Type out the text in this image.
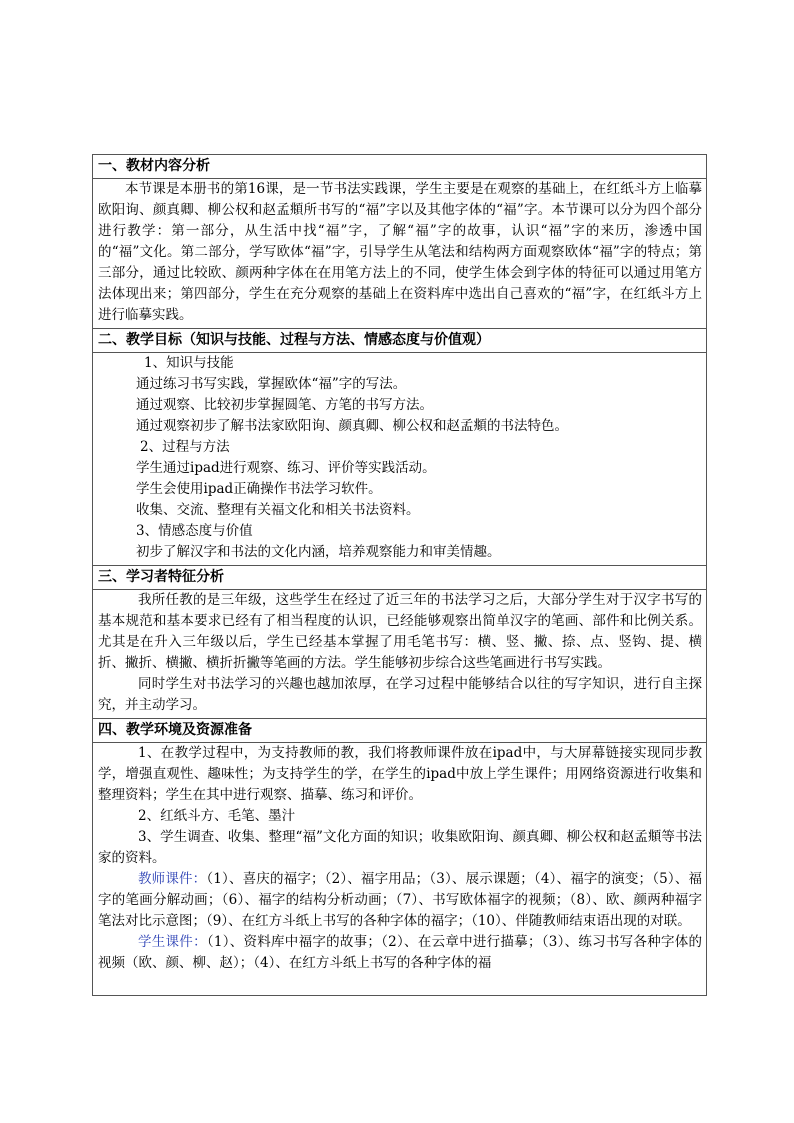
一、教材内容分析

本节课是本册书的第16课，是一节书法实践课，学生主要是在观察的基础上，在红纸斗方上临摹欧阳询、颜真卿、柳公权和赵孟頫所书写的“福”字以及其他字体的“福”字。本节课可以分为四个部分进行教学：第一部分，从生活中找“福”字，了解“福”字的故事，认识“福”字的来历，渗透中国的“福”文化。第二部分，学写欧体“福”字，引导学生从笔法和结构两方面观察欧体“福”字的特点；第三部分，通过比较欧、颜两种字体在在用笔方法上的不同，使学生体会到字体的特征可以通过用笔方法体现出来；第四部分，学生在充分观察的基础上在资料库中选出自己喜欢的“福”字，在红纸斗方上进行临摹实践。

二、教学目标（知识与技能、过程与方法、情感态度与价值观）

1、知识与技能

通过练习书写实践，掌握欧体“福”字的写法。

通过观察、比较初步掌握圆笔、方笔的书写方法。

通过观察初步了解书法家欧阳询、颜真卿、柳公权和赵孟頫的书法特色。

2、过程与方法

学生通过ipad进行观察、练习、评价等实践活动。

学生会使用ipad正确操作书法学习软件。

收集、交流、整理有关福文化和相关书法资料。

3、情感态度与价值

初步了解汉字和书法的文化内涵，培养观察能力和审美情趣。

三、学习者特征分析

我所任教的是三年级，这些学生在经过了近三年的书法学习之后，大部分学生对于汉字书写的基本规范和基本要求已经有了相当程度的认识，已经能够观察出简单汉字的笔画、部件和比例关系。尤其是在升入三年级以后，学生已经基本掌握了用毛笔书写：横、竖、撇、捺、点、竖钩、提、横折、撇折、横撇、横折折撇等笔画的方法。学生能够初步综合这些笔画进行书写实践。

同时学生对书法学习的兴趣也越加浓厚，在学习过程中能够结合以往的写字知识，进行自主探究，并主动学习。

四、教学环境及资源准备

1、在教学过程中，为支持教师的教，我们将教师课件放在ipad中，与大屏幕链接实现同步教学，增强直观性、趣味性；为支持学生的学，在学生的ipad中放上学生课件；用网络资源进行收集和整理资料；学生在其中进行观察、描摹、练习和评价。

2、红纸斗方、毛笔、墨汁

3、学生调查、收集、整理“福”文化方面的知识；收集欧阳询、颜真卿、柳公权和赵孟頫等书法家的资料。

教师课件：（1）、喜庆的福字；（2）、福字用品；（3）、展示课题；（4）、福字的演变；（5）、福字的笔画分解动画；（6）、福字的结构分析动画；（7）、书写欧体福字的视频；（8）、欧、颜两种福字笔法对比示意图；（9）、在红方斗纸上书写的各种字体的福字；（10）、伴随教师结束语出现的对联。

学生课件：（1）、资料库中福字的故事；（2）、在云章中进行描摹；（3）、练习书写各种字体的视频（欧、颜、柳、赵）；（4）、在红方斗纸上书写的各种字体的福
